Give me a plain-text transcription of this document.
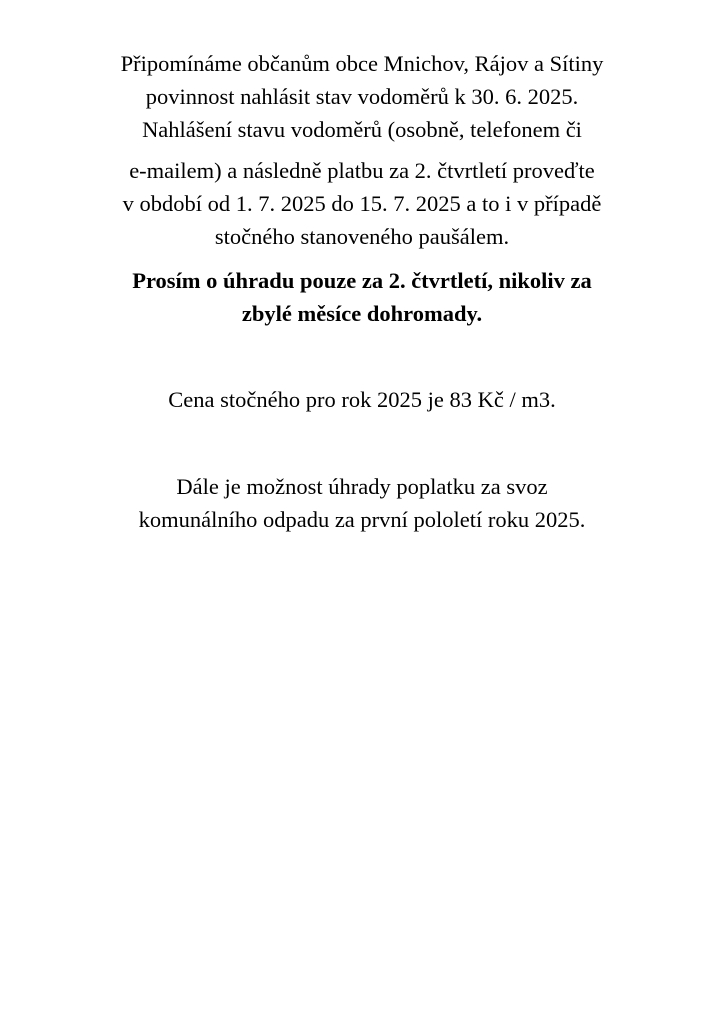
Připomínáme občanům obce Mnichov, Rájov a Sítiny
povinnost nahlásit stav vodoměrů k 30. 6. 2025.
Nahlášení stavu vodoměrů (osobně, telefonem či
e-mailem) a následně platbu za 2. čtvrtletí proveďte
v období od 1. 7. 2025 do 15. 7. 2025 a to i v případě
stočného stanoveného paušálem.
Prosím o úhradu pouze za 2. čtvrtletí, nikoliv za
zbylé měsíce dohromady.
Cena stočného pro rok 2025 je 83 Kč / m3.
Dále je možnost úhrady poplatku za svoz
komunálního odpadu za první pololetí roku 2025.
